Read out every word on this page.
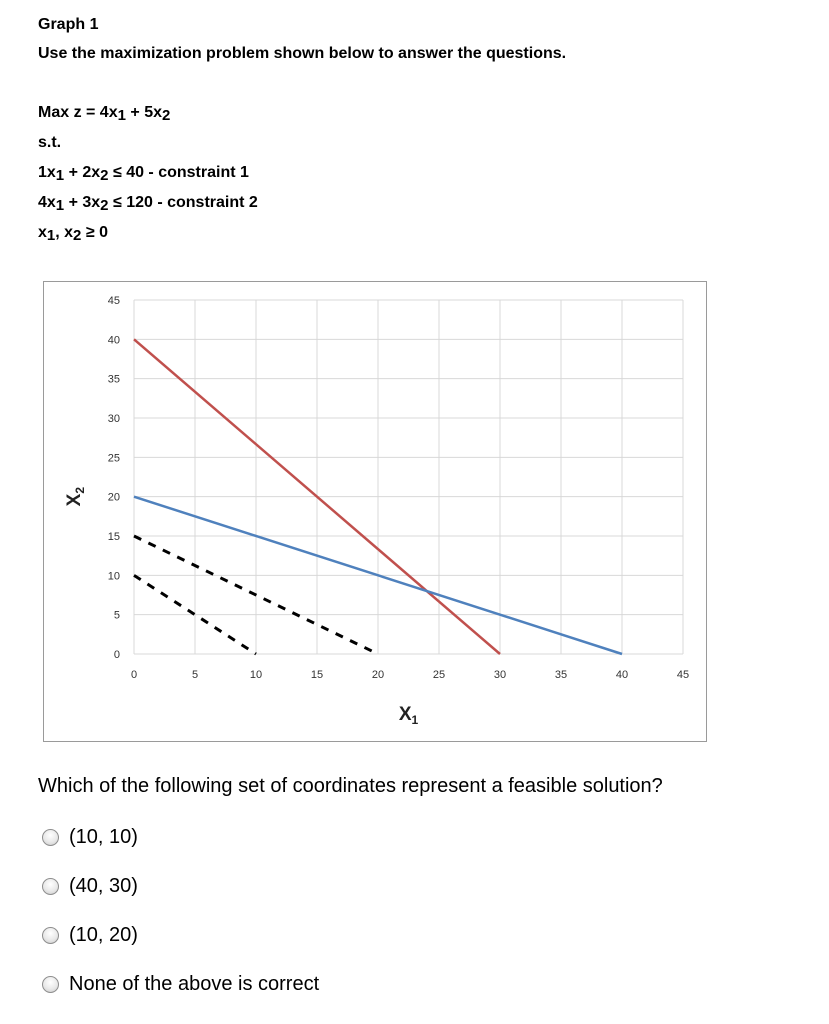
Graph 1
Use the maximization problem shown below to answer the questions.
Max z = 4x1 + 5x2
s.t.
1x1 + 2x2 ≤ 40 - constraint 1
4x1 + 3x2 ≤ 120 - constraint 2
x1, x2 ≥ 0
0	5	10	15	20	25	30	35	40	45
0
5
10
15
20
25
30
35
40
45
$X_1$
$X_2$
Which of the following set of coordinates represent a feasible solution?
(10, 10)
(40, 30)
(10, 20)
None of the above is correct
